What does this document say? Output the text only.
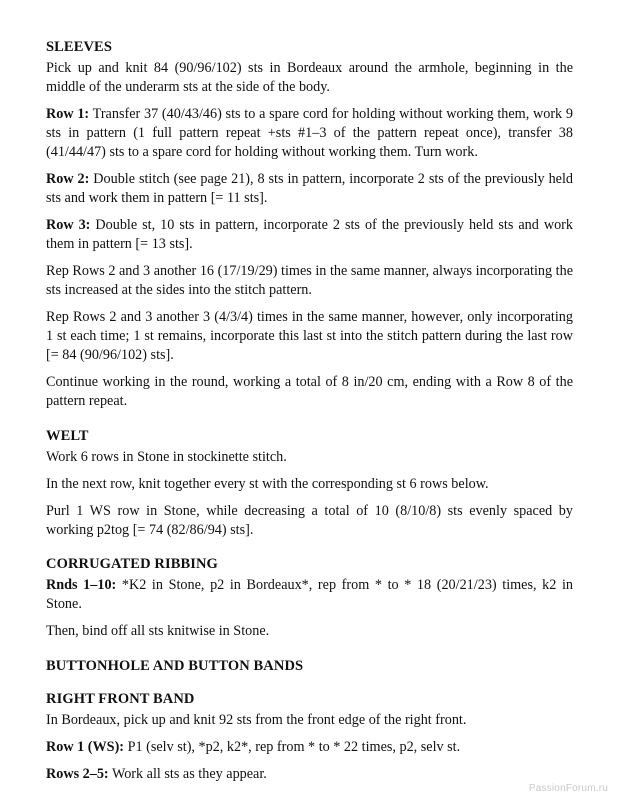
SLEEVES

Pick up and knit 84 (90/96/102) sts in Bordeaux around the armhole, beginning in the middle of the underarm sts at the side of the body.

Row 1: Transfer 37 (40/43/46) sts to a spare cord for holding without working them, work 9 sts in pattern (1 full pattern repeat +sts #1–3 of the pattern repeat once), transfer 38 (41/44/47) sts to a spare cord for holding without working them. Turn work.

Row 2: Double stitch (see page 21), 8 sts in pattern, incorporate 2 sts of the previously held sts and work them in pattern [= 11 sts].

Row 3: Double st, 10 sts in pattern, incorporate 2 sts of the previously held sts and work them in pattern [= 13 sts].

Rep Rows 2 and 3 another 16 (17/19/29) times in the same manner, always incorporating the sts increased at the sides into the stitch pattern.

Rep Rows 2 and 3 another 3 (4/3/4) times in the same manner, however, only incorporating 1 st each time; 1 st remains, incorporate this last st into the stitch pattern during the last row [= 84 (90/96/102) sts].

Continue working in the round, working a total of 8 in/20 cm, ending with a Row 8 of the pattern repeat.

WELT

Work 6 rows in Stone in stockinette stitch.

In the next row, knit together every st with the corresponding st 6 rows below.

Purl 1 WS row in Stone, while decreasing a total of 10 (8/10/8) sts evenly spaced by working p2tog [= 74 (82/86/94) sts].

CORRUGATED RIBBING

Rnds 1–10: *K2 in Stone, p2 in Bordeaux*, rep from * to * 18 (20/21/23) times, k2 in Stone.

Then, bind off all sts knitwise in Stone.

BUTTONHOLE AND BUTTON BANDS
RIGHT FRONT BAND

In Bordeaux, pick up and knit 92 sts from the front edge of the right front.

Row 1 (WS): P1 (selv st), *p2, k2*, rep from * to * 22 times, p2, selv st.

Rows 2–5: Work all sts as they appear.

PassionForum.ru
